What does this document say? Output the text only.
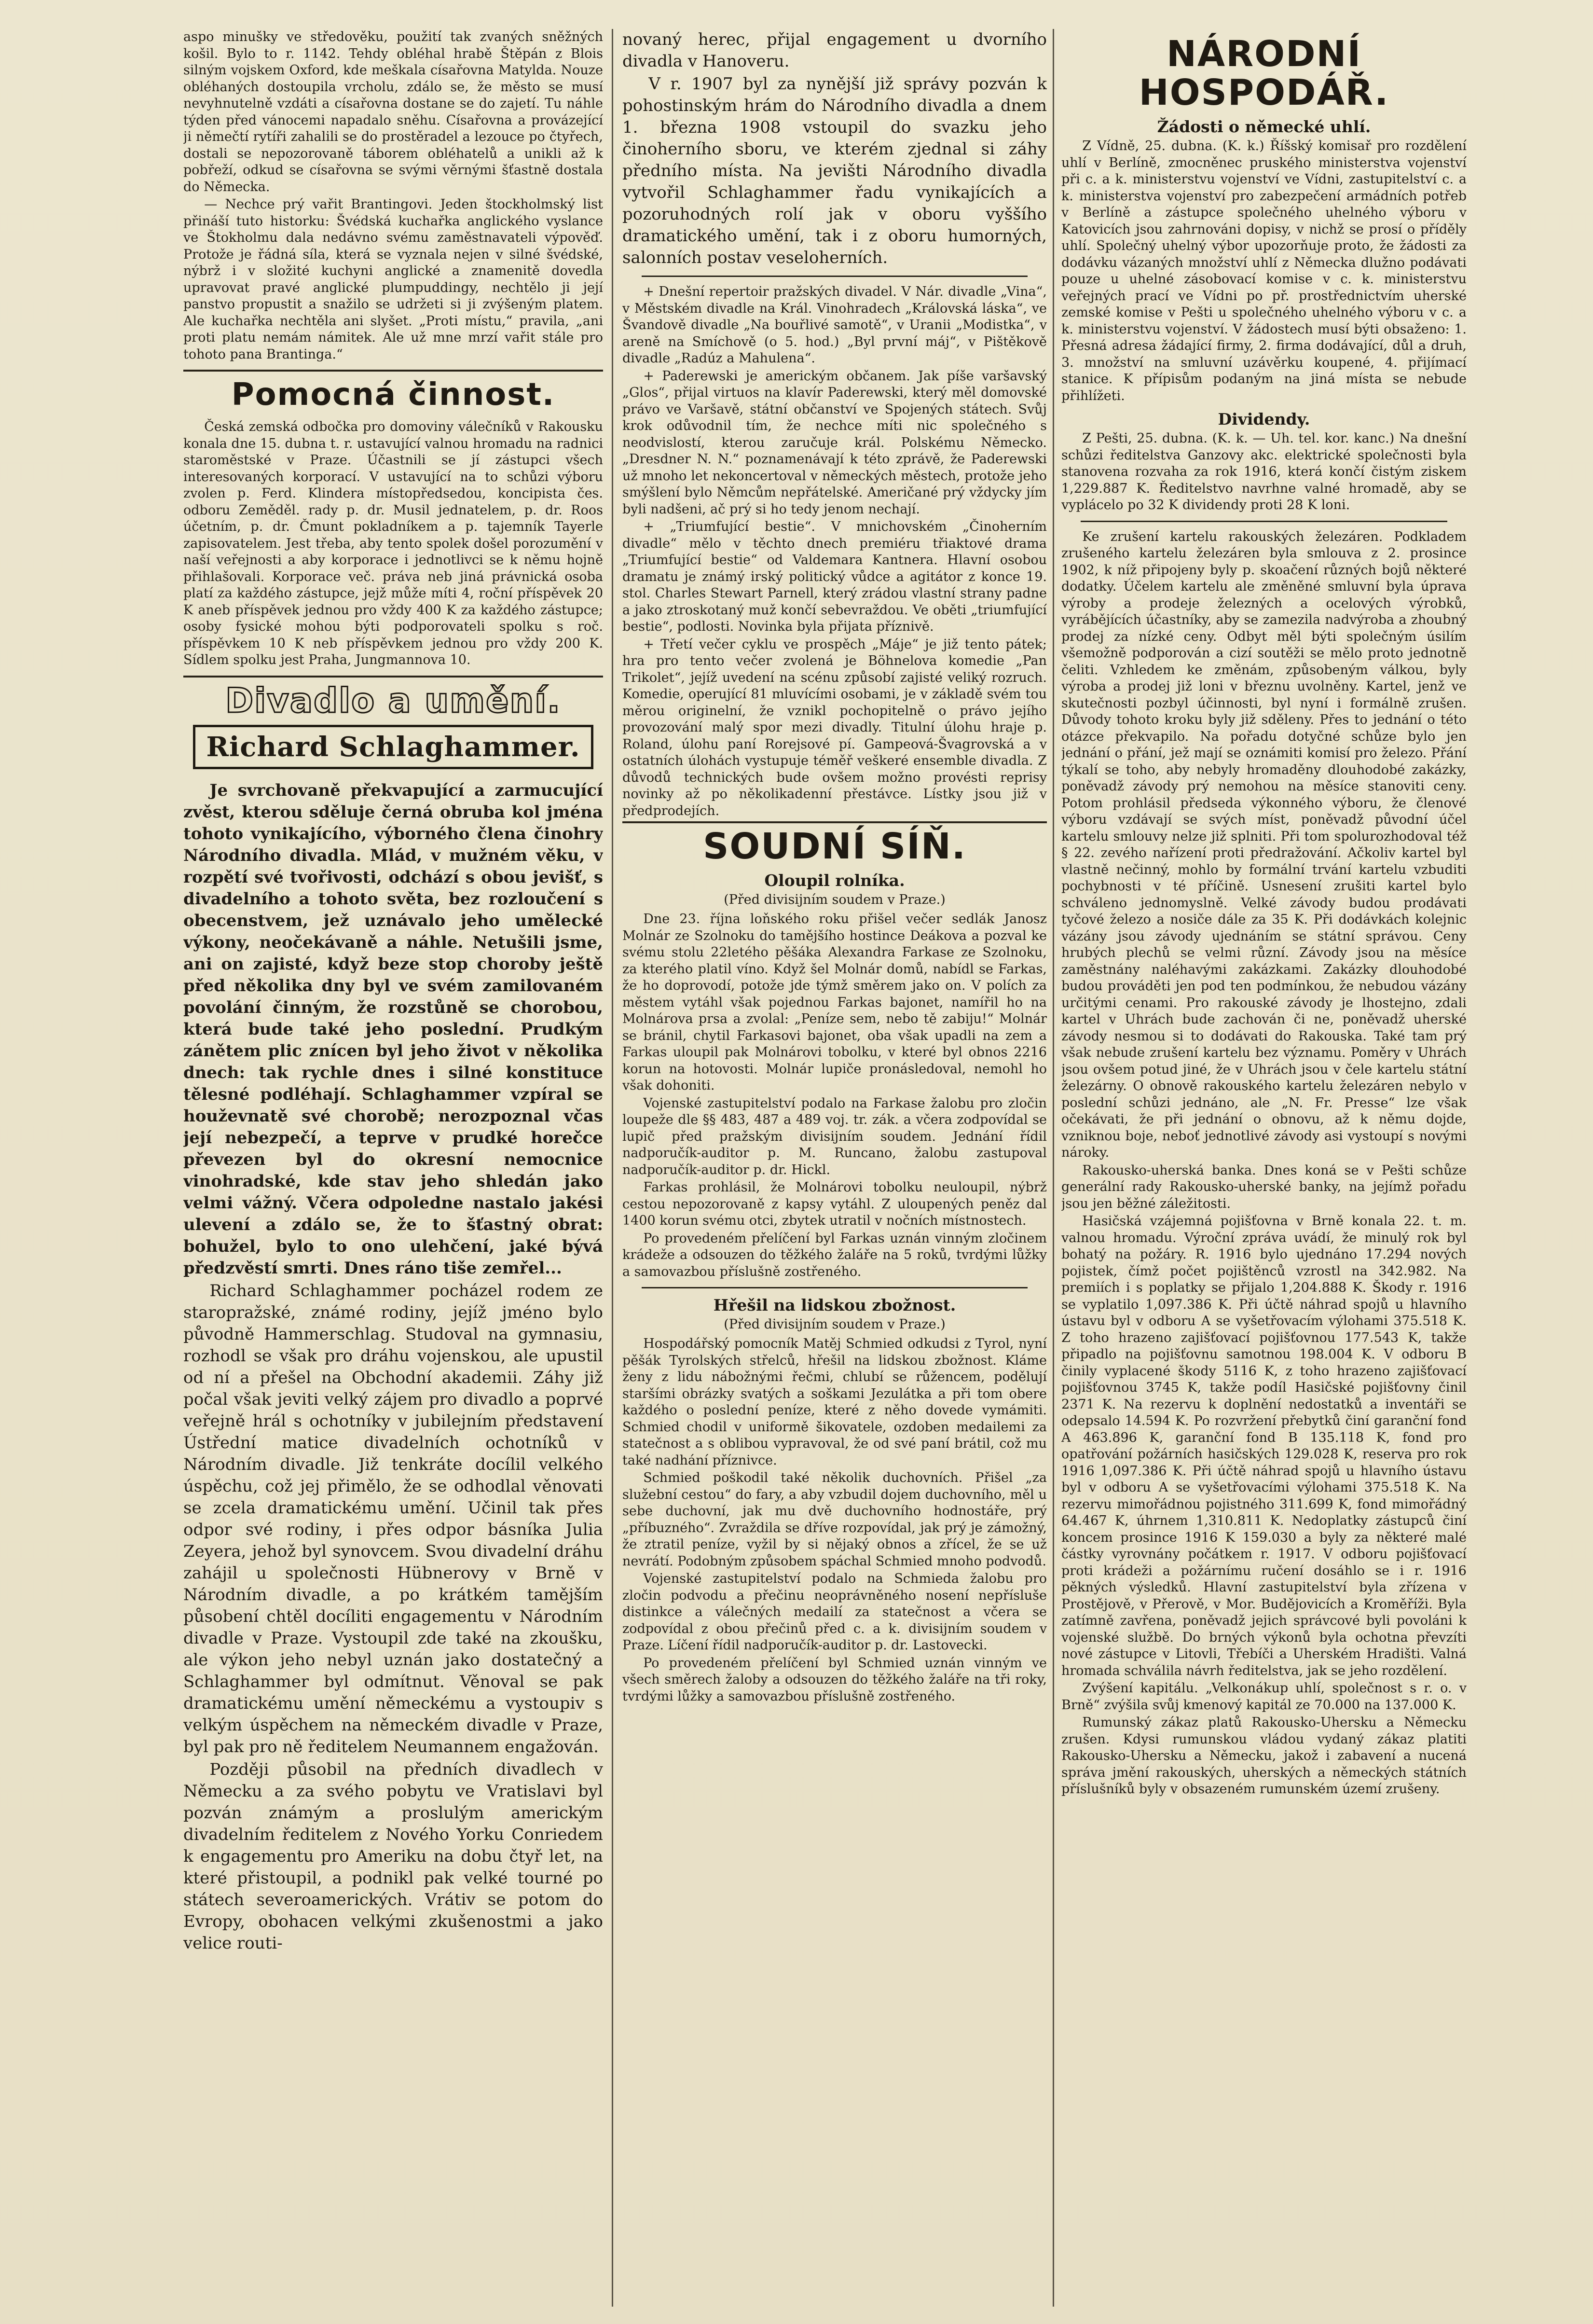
aspo minušky ve středověku, použití tak zvaných sněžných košil. Bylo to r. 1142. Tehdy obléhal hrabě Štěpán z Blois silným vojskem Oxford, kde meškala císařovna Matylda. Nouze obléhaných dostoupila vrcholu, zdálo se, že město se musí nevyhnutelně vzdáti a císařovna dostane se do zajetí. Tu náhle týden před vánocemi napadalo sněhu. Císařovna a provázející ji němečtí rytíři zahalili se do prostěradel a lezouce po čtyřech, dostali se nepozorovaně táborem obléhatelů a unikli až k pobřeží, odkud se císařovna se svými věrnými šťastně dostala do Německa.

— Nechce prý vařit Brantingovi. Jeden štockholmský list přináší tuto historku: Švédská kuchařka anglického vyslance ve Štokholmu dala nedávno svému zaměstnavateli výpověď. Protože je řádná síla, která se vyznala nejen v silné švédské, nýbrž i v složité kuchyni anglické a znamenitě dovedla upravovat pravé anglické plumpuddingy, nechtělo ji její panstvo propustit a snažilo se udržeti si ji zvýšeným platem. Ale kuchařka nechtěla ani slyšet. „Proti místu,“ pravila, „ani proti platu nemám námitek. Ale už mne mrzí vařit stále pro tohoto pana Brantinga.“

Pomocná činnost.

Česká zemská odbočka pro domoviny válečníků v Rakousku konala dne 15. dubna t. r. ustavující valnou hromadu na radnici staroměstské v Praze. Účastnili se jí zástupci všech interesovaných korporací. V ustavující na to schůzi výboru zvolen p. Ferd. Klindera místopředsedou, koncipista čes. odboru Zeměděl. rady p. dr. Musil jednatelem, p. dr. Roos účetním, p. dr. Čmunt pokladníkem a p. tajemník Tayerle zapisovatelem. Jest třeba, aby tento spolek došel porozumění v naší veřejnosti a aby korporace i jednotlivci se k němu hojně přihlašovali. Korporace več. práva neb jiná právnická osoba platí za každého zástupce, jejž může míti 4, roční příspěvek 20 K aneb příspěvek jednou pro vždy 400 K za každého zástupce; osoby fysické mohou býti podporovateli spolku s roč. příspěvkem 10 K neb příspěvkem jednou pro vždy 200 K. Sídlem spolku jest Praha, Jungmannova 10.

Divadlo a umění.
Richard Schlaghammer.

Je svrchovaně překvapující a zarmucující zvěst, kterou sděluje černá obruba kol jména tohoto vynikajícího, výborného člena činohry Národního divadla. Mlád, v mužném věku, v rozpětí své tvořivosti, odchází s obou jevišť, s divadelního a tohoto světa, bez rozloučení s obecenstvem, jež uznávalo jeho umělecké výkony, neočekávaně a náhle. Netušili jsme, ani on zajisté, když beze stop choroby ještě před několika dny byl ve svém zamilovaném povolání činným, že rozstůně se chorobou, která bude také jeho poslední. Prudkým zánětem plic znícen byl jeho život v několika dnech: tak rychle dnes i silné konstituce tělesné podléhají. Schlaghammer vzpíral se houževnatě své chorobě; nerozpoznal včas její nebezpečí, a teprve v prudké horečce převezen byl do okresní nemocnice vinohradské, kde stav jeho shledán jako velmi vážný. Včera odpoledne nastalo jakési ulevení a zdálo se, že to šťastný obrat: bohužel, bylo to ono ulehčení, jaké bývá předzvěstí smrti. Dnes ráno tiše zemřel...

Richard Schlaghammer pocházel rodem ze staropražské, známé rodiny, jejíž jméno bylo původně Hammerschlag. Studoval na gymnasiu, rozhodl se však pro dráhu vojenskou, ale upustil od ní a přešel na Obchodní akademii. Záhy již počal však jeviti velký zájem pro divadlo a poprvé veřejně hrál s ochotníky v jubilejním představení Ústřední matice divadelních ochotníků v Národním divadle. Již tenkráte docílil velkého úspěchu, což jej přimělo, že se odhodlal věnovati se zcela dramatickému umění. Učinil tak přes odpor své rodiny, i přes odpor básníka Julia Zeyera, jehož byl synovcem. Svou divadelní dráhu zahájil u společnosti Hübnerovy v Brně v Národním divadle, a po krátkém tamějším působení chtěl docíliti engagementu v Národním divadle v Praze. Vystoupil zde také na zkoušku, ale výkon jeho nebyl uznán jako dostatečný a Schlaghammer byl odmítnut. Věnoval se pak dramatickému umění německému a vystoupiv s velkým úspěchem na německém divadle v Praze, byl pak pro ně ředitelem Neumannem engažován.

Později působil na předních divadlech v Německu a za svého pobytu ve Vratislavi byl pozván známým a proslulým americkým divadelním ředitelem z Nového Yorku Conriedem k engagementu pro Ameriku na dobu čtyř let, na které přistoupil, a podnikl pak velké tourné po státech severoamerických. Vrátiv se potom do Evropy, obohacen velkými zkušenostmi a jako velice routi-

novaný herec, přijal engagement u dvorního divadla v Hanoveru.

V r. 1907 byl za nynější již správy pozván k pohostinským hrám do Národního divadla a dnem 1. března 1908 vstoupil do svazku jeho činoherního sboru, ve kterém zjednal si záhy předního místa. Na jevišti Národního divadla vytvořil Schlaghammer řadu vynikajících a pozoruhodných rolí jak v oboru vyššího dramatického umění, tak i z oboru humorných, salonních postav veseloherních.

+ Dnešní repertoir pražských divadel. V Nár. divadle „Vina“, v Městském divadle na Král. Vinohradech „Královská láska“, ve Švandově divadle „Na bouřlivé samotě“, v Uranii „Modistka“, v areně na Smíchově (o 5. hod.) „Byl první máj“, v Pištěkově divadle „Radúz a Mahulena“.

+ Paderewski je americkým občanem. Jak píše varšavský „Glos“, přijal virtuos na klavír Paderewski, který měl domovské právo ve Varšavě, státní občanství ve Spojených státech. Svůj krok odůvodnil tím, že nechce míti nic společného s neodvislostí, kterou zaručuje král. Polskému Německo. „Dresdner N. N.“ poznamenávají k této zprávě, že Paderewski už mnoho let nekoncertoval v německých městech, protože jeho smýšlení bylo Němcům nepřátelské. Američané prý vždycky jím byli nadšeni, ač prý si ho tedy jenom nechají.

+ „Triumfující bestie“. V mnichovském „Činoherním divadle“ mělo v těchto dnech premiéru třiaktové drama „Triumfující bestie“ od Valdemara Kantnera. Hlavní osobou dramatu je známý irský politický vůdce a agitátor z konce 19. stol. Charles Stewart Parnell, který zrádou vlastní strany padne a jako ztroskotaný muž končí sebevraždou. Ve oběti „triumfující bestie“, podlosti. Novinka byla přijata příznivě.

+ Třetí večer cyklu ve prospěch „Máje“ je již tento pátek; hra pro tento večer zvolená je Böhnelova komedie „Pan Trikolet“, jejíž uvedení na scénu způsobí zajisté veliký rozruch. Komedie, operující 81 mluvícími osobami, je v základě svém tou měrou originelní, že vznikl pochopitelně o právo jejího provozování malý spor mezi divadly. Titulní úlohu hraje p. Roland, úlohu paní Rorejsové pí. Gampeová-Švagrovská a v ostatních úlohách vystupuje téměř veškeré ensemble divadla. Z důvodů technických bude ovšem možno provésti reprisy novinky až po několikadenní přestávce. Lístky jsou již v předprodejích.

SOUDNÍ SÍŇ.
Oloupil rolníka.
(Před divisijním soudem v Praze.)

Dne 23. října loňského roku přišel večer sedlák Janosz Molnár ze Szolnoku do tamějšího hostince Deákova a pozval ke svému stolu 22letého pěšáka Alexandra Farkase ze Szolnoku, za kterého platil víno. Když šel Molnár domů, nabídl se Farkas, že ho doprovodí, potože jde týmž směrem jako on. V polích za městem vytáhl však pojednou Farkas bajonet, namířil ho na Molnárova prsa a zvolal: „Peníze sem, nebo tě zabiju!“ Molnár se bránil, chytil Farkasovi bajonet, oba však upadli na zem a Farkas uloupil pak Molnárovi tobolku, v které byl obnos 2216 korun na hotovosti. Molnár lupiče pronásledoval, nemohl ho však dohoniti.

Vojenské zastupitelství podalo na Farkase žalobu pro zločin loupeže dle §§ 483, 487 a 489 voj. tr. zák. a včera zodpovídal se lupič před pražským divisijním soudem. Jednání řídil nadporučík-auditor p. M. Runcano, žalobu zastupoval nadporučík-auditor p. dr. Hickl.

Farkas prohlásil, že Molnárovi tobolku neuloupil, nýbrž cestou nepozorovaně z kapsy vytáhl. Z uloupených peněz dal 1400 korun svému otci, zbytek utratil v nočních místnostech.

Po provedeném přelíčení byl Farkas uznán vinným zločinem krádeže a odsouzen do těžkého žaláře na 5 roků, tvrdými lůžky a samovazbou příslušně zostřeného.

Hřešil na lidskou zbožnost.
(Před divisijním soudem v Praze.)

Hospodářský pomocník Matěj Schmied odkudsi z Tyrol, nyní pěšák Tyrolských střelců, hřešil na lidskou zbožnost. Kláme ženy z lidu nábožnými řečmi, chlubí se růžencem, podělují staršími obrázky svatých a soškami Jezulátka a při tom obere každého o poslední peníze, které z něho dovede vymámiti. Schmied chodil v uniformě šikovatele, ozdoben medailemi za statečnost a s oblibou vypravoval, že od své paní brátil, což mu také nadhání příznivce.

Schmied poškodil také několik duchovních. Přišel „za služební cestou“ do fary, a aby vzbudil dojem duchovního, měl u sebe duchovní, jak mu dvě duchovního hodnostáře, prý „příbuzného“. Zvraždila se dříve rozpovídal, jak prý je zámožný, že ztratil peníze, vyžil by si nějaký obnos a zřícel, že se už nevrátí. Podobným způsobem spáchal Schmied mnoho podvodů.

Vojenské zastupitelství podalo na Schmieda žalobu pro zločin podvodu a přečinu neoprávněného nosení nepřísluše distinkce a válečných medailí za statečnost a včera se zodpovídal z obou přečinů před c. a k. divisijním soudem v Praze. Líčení řídil nadporučík-auditor p. dr. Lastovecki.

Po provedeném přelíčení byl Schmied uznán vinným ve všech směrech žaloby a odsouzen do těžkého žaláře na tři roky, tvrdými lůžky a samovazbou příslušně zostřeného.

NÁRODNÍ HOSPODÁŘ.
Žádosti o německé uhlí.

Z Vídně, 25. dubna. (K. k.) Říšský komisař pro rozdělení uhlí v Berlíně, zmocněnec pruského ministerstva vojenství při c. a k. ministerstvu vojenství ve Vídni, zastupitelství c. a k. ministerstva vojenství pro zabezpečení armádních potřeb v Berlíně a zástupce společného uhelného výboru v Katovicích jsou zahrnováni dopisy, v nichž se prosí o příděly uhlí. Společný uhelný výbor upozorňuje proto, že žádosti za dodávku vázaných množství uhlí z Německa dlužno podávati pouze u uhelné zásobovací komise v c. k. ministerstvu veřejných prací ve Vídni po př. prostřednictvím uherské zemské komise v Pešti u společného uhelného výboru v c. a k. ministerstvu vojenství. V žádostech musí býti obsaženo: 1. Přesná adresa žádající firmy, 2. firma dodávající, důl a druh, 3. množství na smluvní uzávěrku koupené, 4. přijímací stanice. K přípisům podaným na jiná místa se nebude přihlížeti.

Dividendy.

Z Pešti, 25. dubna. (K. k. — Uh. tel. kor. kanc.) Na dnešní schůzi ředitelstva Ganzovy akc. elektrické společnosti byla stanovena rozvaha za rok 1916, která končí čistým ziskem 1,229.887 K. Ředitelstvo navrhne valné hromadě, aby se vyplácelo po 32 K dividendy proti 28 K loni.

Ke zrušení kartelu rakouských železáren. Podkladem zrušeného kartelu železáren byla smlouva z 2. prosince 1902, k níž připojeny byly p. skoačení různých bojů některé dodatky. Účelem kartelu ale změněné smluvní byla úprava výroby a prodeje železných a ocelových výrobků, vyrábějících účastníky, aby se zamezila nadvýroba a zhoubný prodej za nízké ceny. Odbyt měl býti společným úsilím všemožně podporován a cizí soutěži se mělo proto jednotně čeliti. Vzhledem ke změnám, způsobeným válkou, byly výroba a prodej již loni v březnu uvolněny. Kartel, jenž ve skutečnosti pozbyl účinnosti, byl nyní i formálně zrušen. Důvody tohoto kroku byly již sděleny. Přes to jednání o této otázce překvapilo. Na pořadu dotyčné schůze bylo jen jednání o přání, jež mají se oznámiti komisí pro železo. Přání týkalí se toho, aby nebyly hromaděny dlouhodobé zakázky, poněvadž závody prý nemohou na měsíce stanoviti ceny. Potom prohlásil předseda výkonného výboru, že členové výboru vzdávají se svých míst, poněvadž původní účel kartelu smlouvy nelze již splniti. Při tom spolurozhodoval též § 22. zevého nařízení proti předražování. Ačkoliv kartel byl vlastně nečinný, mohlo by formální trvání kartelu vzbuditi pochybnosti v té příčině. Usnesení zrušiti kartel bylo schváleno jednomyslně. Velké závody budou prodávati tyčové železo a nosiče dále za 35 K. Při dodávkách kolejnic vázány jsou závody ujednáním se státní správou. Ceny hrubých plechů se velmi různí. Závody jsou na měsíce zaměstnány naléhavými zakázkami. Zakázky dlouhodobé budou prováděti jen pod ten podmínkou, že nebudou vázány určitými cenami. Pro rakouské závody je lhostejno, zdali kartel v Uhrách bude zachován či ne, poněvadž uherské závody nesmou si to dodávati do Rakouska. Také tam prý však nebude zrušení kartelu bez významu. Poměry v Uhrách jsou ovšem potud jiné, že v Uhrách jsou v čele kartelu státní železárny. O obnově rakouského kartelu železáren nebylo v poslední schůzi jednáno, ale „N. Fr. Presse“ lze však očekávati, že při jednání o obnovu, až k němu dojde, vzniknou boje, neboť jednotlivé závody asi vystoupí s novými nároky.

Rakousko-uherská banka. Dnes koná se v Pešti schůze generální rady Rakousko-uherské banky, na jejímž pořadu jsou jen běžné záležitosti.

Hasičská vzájemná pojišťovna v Brně konala 22. t. m. valnou hromadu. Výroční zpráva uvádí, že minulý rok byl bohatý na požáry. R. 1916 bylo ujednáno 17.294 nových pojistek, čímž počet pojištěnců vzrostl na 342.982. Na premiích i s poplatky se přijalo 1,204.888 K. Škody r. 1916 se vyplatilo 1,097.386 K. Při účtě náhrad spojů u hlavního ústavu byl v odboru A se vyšetřovacím výlohami 375.518 K. Z toho hrazeno zajišťovací pojišťovnou 177.543 K, takže připadlo na pojišťovnu samotnou 198.004 K. V odboru B činily vyplacené škody 5116 K, z toho hrazeno zajišťovací pojišťovnou 3745 K, takže podíl Hasičské pojišťovny činil 2371 K. Na rezervu k doplnění nedostatků a inventáři se odepsalo 14.594 K. Po rozvržení přebytků činí garanční fond A 463.896 K, garanční fond B 135.118 K, fond pro opatřování požárních hasičských 129.028 K, reserva pro rok 1916 1,097.386 K. Při účtě náhrad spojů u hlavního ústavu byl v odboru A se vyšetřovacími výlohami 375.518 K. Na rezervu mimořádnou pojistného 311.699 K, fond mimořádný 64.467 K, úhrnem 1,310.811 K. Nedoplatky zástupců činí koncem prosince 1916 K 159.030 a byly za některé malé částky vyrovnány počátkem r. 1917. V odboru pojišťovací proti krádeži a požárnímu ručení dosáhlo se i r. 1916 pěkných výsledků. Hlavní zastupitelství byla zřízena v Prostějově, v Přerově, v Mor. Budějovicích a Kroměříži. Byla zatímně zavřena, poněvadž jejich správcové byli povoláni k vojenské službě. Do brných výkonů byla ochotna převzíti nové zástupce v Litovli, Třebíči a Uherském Hradišti. Valná hromada schválila návrh ředitelstva, jak se jeho rozdělení.

Zvýšení kapitálu. „Velkonákup uhlí, společnost s r. o. v Brně“ zvýšila svůj kmenový kapitál ze 70.000 na 137.000 K.

Rumunský zákaz platů Rakousko-Uhersku a Německu zrušen. Kdysi rumunskou vládou vydaný zákaz platiti Rakousko-Uhersku a Německu, jakož i zabavení a nucená správa jmění rakouských, uherských a německých státních příslušníků byly v obsazeném rumunském území zrušeny.
